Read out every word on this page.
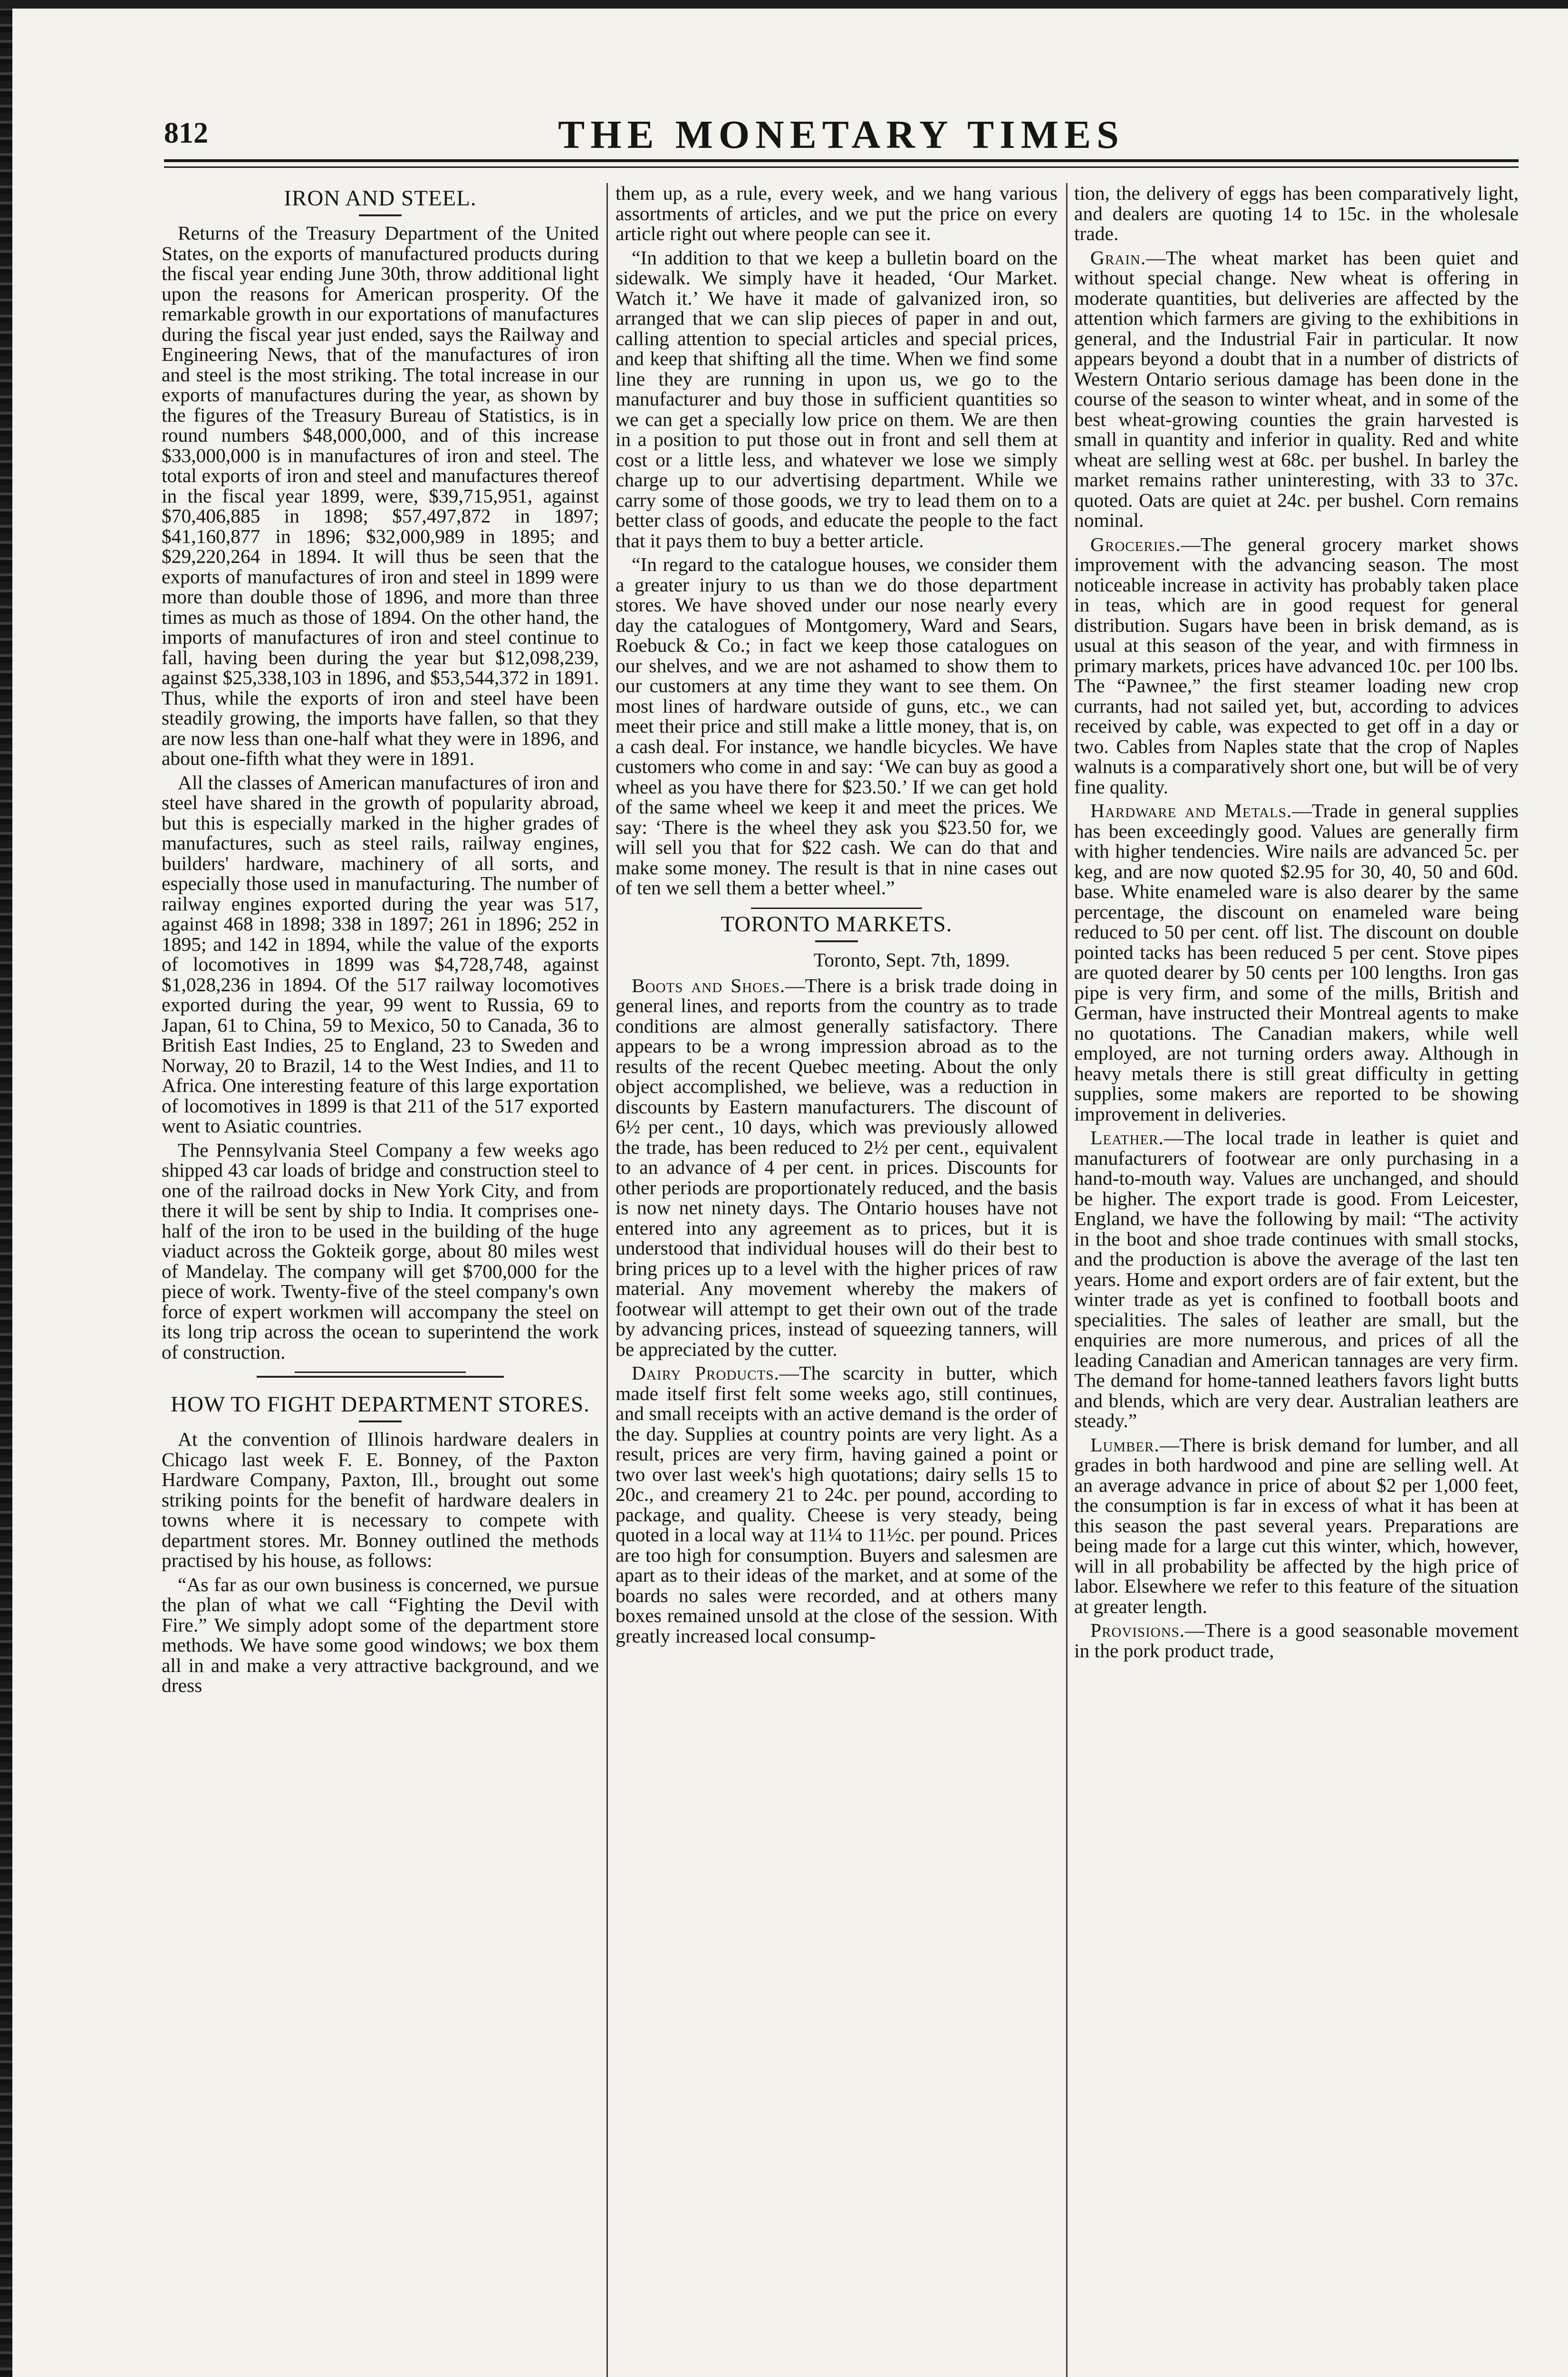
812	THE MONETARY TIMES
IRON AND STEEL.

Returns of the Treasury Department of the United States, on the exports of manufactured products during the fiscal year ending June 30th, throw additional light upon the reasons for American prosperity. Of the remarkable growth in our exportations of manufactures during the fiscal year just ended, says the Railway and Engineering News, that of the manufactures of iron and steel is the most striking. The total increase in our exports of manufactures during the year, as shown by the figures of the Treasury Bureau of Statistics, is in round numbers $48,000,000, and of this increase $33,000,000 is in manufactures of iron and steel. The total exports of iron and steel and manufactures thereof in the fiscal year 1899, were, $39,715,951, against $70,406,885 in 1898; $57,497,872 in 1897; $41,160,877 in 1896; $32,000,989 in 1895; and $29,220,264 in 1894. It will thus be seen that the exports of manufactures of iron and steel in 1899 were more than double those of 1896, and more than three times as much as those of 1894. On the other hand, the imports of manufactures of iron and steel continue to fall, having been during the year but $12,098,239, against $25,338,103 in 1896, and $53,544,372 in 1891. Thus, while the exports of iron and steel have been steadily growing, the imports have fallen, so that they are now less than one-half what they were in 1896, and about one-fifth what they were in 1891.

All the classes of American manufactures of iron and steel have shared in the growth of popularity abroad, but this is especially marked in the higher grades of manufactures, such as steel rails, railway engines, builders' hardware, machinery of all sorts, and especially those used in manufacturing. The number of railway engines exported during the year was 517, against 468 in 1898; 338 in 1897; 261 in 1896; 252 in 1895; and 142 in 1894, while the value of the exports of locomotives in 1899 was $4,728,748, against $1,028,236 in 1894. Of the 517 railway locomotives exported during the year, 99 went to Russia, 69 to Japan, 61 to China, 59 to Mexico, 50 to Canada, 36 to British East Indies, 25 to England, 23 to Sweden and Norway, 20 to Brazil, 14 to the West Indies, and 11 to Africa. One interesting feature of this large exportation of locomotives in 1899 is that 211 of the 517 exported went to Asiatic countries.

The Pennsylvania Steel Company a few weeks ago shipped 43 car loads of bridge and construction steel to one of the railroad docks in New York City, and from there it will be sent by ship to India. It comprises one-half of the iron to be used in the building of the huge viaduct across the Gokteik gorge, about 80 miles west of Mandelay. The company will get $700,000 for the piece of work. Twenty-five of the steel company's own force of expert workmen will accompany the steel on its long trip across the ocean to superintend the work of construction.

HOW TO FIGHT DEPARTMENT STORES.

At the convention of Illinois hardware dealers in Chicago last week F. E. Bonney, of the Paxton Hardware Company, Paxton, Ill., brought out some striking points for the benefit of hardware dealers in towns where it is necessary to compete with department stores. Mr. Bonney outlined the methods practised by his house, as follows:

“As far as our own business is concerned, we pursue the plan of what we call “Fighting the Devil with Fire.” We simply adopt some of the department store methods. We have some good windows; we box them all in and make a very attractive background, and we dress

them up, as a rule, every week, and we hang various assortments of articles, and we put the price on every article right out where people can see it.

“In addition to that we keep a bulletin board on the sidewalk. We simply have it headed, ‘Our Market. Watch it.’ We have it made of galvanized iron, so arranged that we can slip pieces of paper in and out, calling attention to special articles and special prices, and keep that shifting all the time. When we find some line they are running in upon us, we go to the manufacturer and buy those in sufficient quantities so we can get a specially low price on them. We are then in a position to put those out in front and sell them at cost or a little less, and whatever we lose we simply charge up to our advertising department. While we carry some of those goods, we try to lead them on to a better class of goods, and educate the people to the fact that it pays them to buy a better article.

“In regard to the catalogue houses, we consider them a greater injury to us than we do those department stores. We have shoved under our nose nearly every day the catalogues of Montgomery, Ward and Sears, Roebuck & Co.; in fact we keep those catalogues on our shelves, and we are not ashamed to show them to our customers at any time they want to see them. On most lines of hardware outside of guns, etc., we can meet their price and still make a little money, that is, on a cash deal. For instance, we handle bicycles. We have customers who come in and say: ‘We can buy as good a wheel as you have there for $23.50.’ If we can get hold of the same wheel we keep it and meet the prices. We say: ‘There is the wheel they ask you $23.50 for, we will sell you that for $22 cash. We can do that and make some money. The result is that in nine cases out of ten we sell them a better wheel.”

TORONTO MARKETS.
Toronto, Sept. 7th, 1899.

Boots and Shoes.—There is a brisk trade doing in general lines, and reports from the country as to trade conditions are almost generally satisfactory. There appears to be a wrong impression abroad as to the results of the recent Quebec meeting. About the only object accomplished, we believe, was a reduction in discounts by Eastern manufacturers. The discount of 6½ per cent., 10 days, which was previously allowed the trade, has been reduced to 2½ per cent., equivalent to an advance of 4 per cent. in prices. Discounts for other periods are proportionately reduced, and the basis is now net ninety days. The Ontario houses have not entered into any agreement as to prices, but it is understood that individual houses will do their best to bring prices up to a level with the higher prices of raw material. Any movement whereby the makers of footwear will attempt to get their own out of the trade by advancing prices, instead of squeezing tanners, will be appreciated by the cutter.

Dairy Products.—The scarcity in butter, which made itself first felt some weeks ago, still continues, and small receipts with an active demand is the order of the day. Supplies at country points are very light. As a result, prices are very firm, having gained a point or two over last week's high quotations; dairy sells 15 to 20c., and creamery 21 to 24c. per pound, according to package, and quality. Cheese is very steady, being quoted in a local way at 11¼ to 11½c. per pound. Prices are too high for consumption. Buyers and salesmen are apart as to their ideas of the market, and at some of the boards no sales were recorded, and at others many boxes remained unsold at the close of the session. With greatly increased local consump-

tion, the delivery of eggs has been comparatively light, and dealers are quoting 14 to 15c. in the wholesale trade.

Grain.—The wheat market has been quiet and without special change. New wheat is offering in moderate quantities, but deliveries are affected by the attention which farmers are giving to the exhibitions in general, and the Industrial Fair in particular. It now appears beyond a doubt that in a number of districts of Western Ontario serious damage has been done in the course of the season to winter wheat, and in some of the best wheat-growing counties the grain harvested is small in quantity and inferior in quality. Red and white wheat are selling west at 68c. per bushel. In barley the market remains rather uninteresting, with 33 to 37c. quoted. Oats are quiet at 24c. per bushel. Corn remains nominal.

Groceries.—The general grocery market shows improvement with the advancing season. The most noticeable increase in activity has probably taken place in teas, which are in good request for general distribution. Sugars have been in brisk demand, as is usual at this season of the year, and with firmness in primary markets, prices have advanced 10c. per 100 lbs. The “Pawnee,” the first steamer loading new crop currants, had not sailed yet, but, according to advices received by cable, was expected to get off in a day or two. Cables from Naples state that the crop of Naples walnuts is a comparatively short one, but will be of very fine quality.

Hardware and Metals.—Trade in general supplies has been exceedingly good. Values are generally firm with higher tendencies. Wire nails are advanced 5c. per keg, and are now quoted $2.95 for 30, 40, 50 and 60d. base. White enameled ware is also dearer by the same percentage, the discount on enameled ware being reduced to 50 per cent. off list. The discount on double pointed tacks has been reduced 5 per cent. Stove pipes are quoted dearer by 50 cents per 100 lengths. Iron gas pipe is very firm, and some of the mills, British and German, have instructed their Montreal agents to make no quotations. The Canadian makers, while well employed, are not turning orders away. Although in heavy metals there is still great difficulty in getting supplies, some makers are reported to be showing improvement in deliveries.

Leather.—The local trade in leather is quiet and manufacturers of footwear are only purchasing in a hand-to-mouth way. Values are unchanged, and should be higher. The export trade is good. From Leicester, England, we have the following by mail: “The activity in the boot and shoe trade continues with small stocks, and the production is above the average of the last ten years. Home and export orders are of fair extent, but the winter trade as yet is confined to football boots and specialities. The sales of leather are small, but the enquiries are more numerous, and prices of all the leading Canadian and American tannages are very firm. The demand for home-tanned leathers favors light butts and blends, which are very dear. Australian leathers are steady.”

Lumber.—There is brisk demand for lumber, and all grades in both hardwood and pine are selling well. At an average advance in price of about $2 per 1,000 feet, the consumption is far in excess of what it has been at this season the past several years. Preparations are being made for a large cut this winter, which, however, will in all probability be affected by the high price of labor. Elsewhere we refer to this feature of the situation at greater length.

Provisions.—There is a good seasonable movement in the pork product trade,
